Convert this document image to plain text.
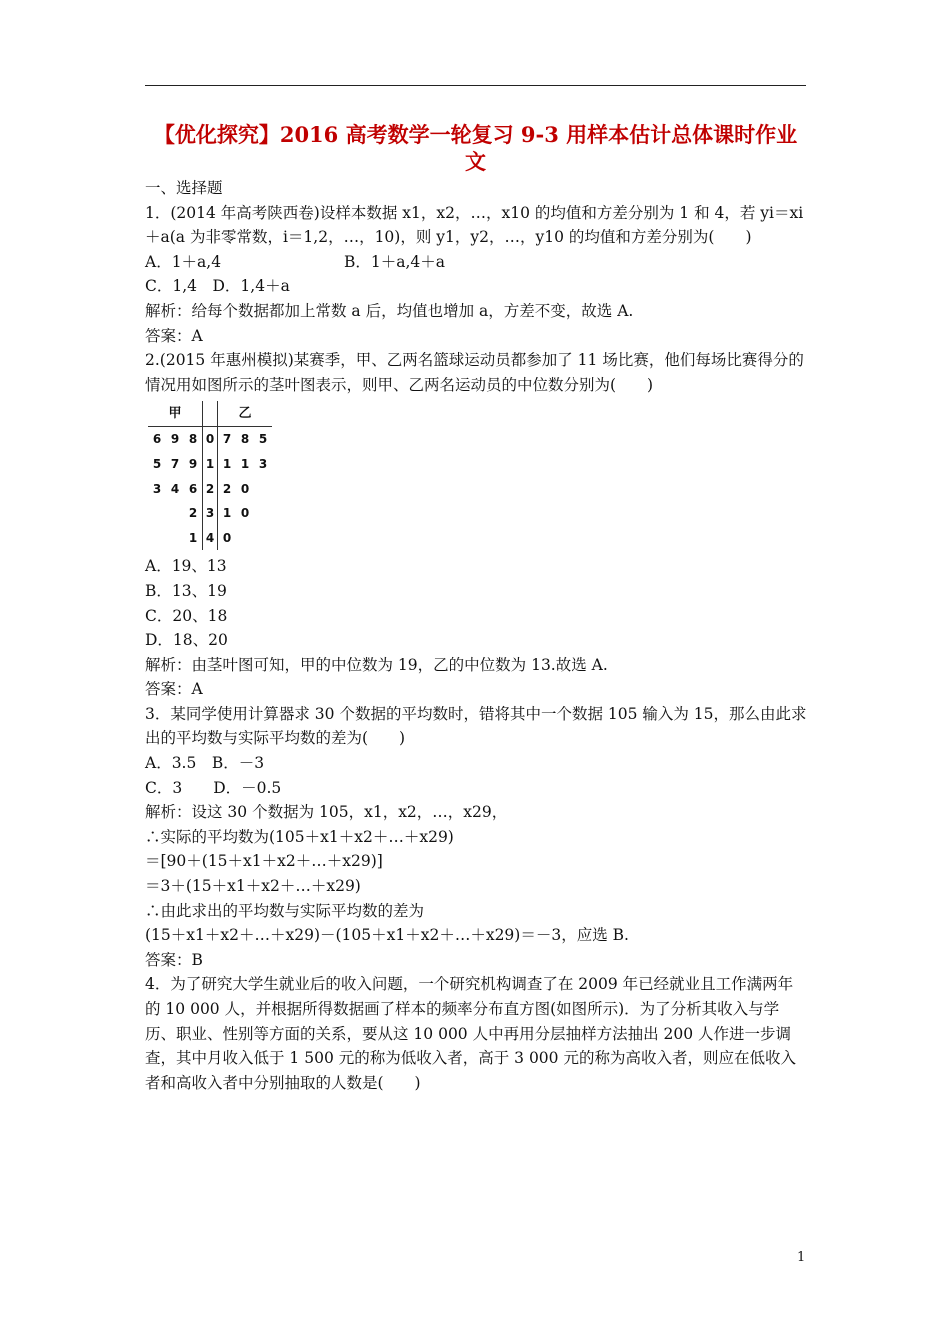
【优化探究】2016 高考数学一轮复习 9-3 用样本估计总体课时作业
文

一、选择题

1．(2014 年高考陕西卷)设样本数据 x1，x2，…，x10 的均值和方差分别为 1 和 4，若 yi＝xi＋a(a 为非零常数，i＝1,2，…，10)，则 y1，y2，…，y10 的均值和方差分别为(　　)

A．1＋a,4	B．1＋a,4＋a

C．1,4　D．1,4＋a

解析：给每个数据都加上常数 a 后，均值也增加 a，方差不变，故选 A.

答案：A

2.(2015 年惠州模拟)某赛季，甲、乙两名篮球运动员都参加了 11 场比赛，他们每场比赛得分的情况用如图所示的茎叶图表示，则甲、乙两名运动员的中位数分别为(　　)

甲				乙		
6	9	8	0	7	8	5
5	7	9	1	1	1	3
3	4	6	2	2	0	
		2	3	1	0	
		1	4	0		

A．19、13

B．13、19

C．20、18

D．18、20

解析：由茎叶图可知，甲的中位数为 19，乙的中位数为 13.故选 A.

答案：A

3．某同学使用计算器求 30 个数据的平均数时，错将其中一个数据 105 输入为 15，那么由此求出的平均数与实际平均数的差为(　　)

A．3.5　B．－3

C．3　　D．－0.5

解析：设这 30 个数据为 105，x1，x2，…，x29，

∴实际的平均数为(105＋x1＋x2＋…＋x29)

＝[90＋(15＋x1＋x2＋…＋x29)]

＝3＋(15＋x1＋x2＋…＋x29)

∴由此求出的平均数与实际平均数的差为

(15＋x1＋x2＋…＋x29)－(105＋x1＋x2＋…＋x29)＝－3，应选 B.

答案：B

4．为了研究大学生就业后的收入问题，一个研究机构调查了在 2009 年已经就业且工作满两年的 10 000 人，并根据所得数据画了样本的频率分布直方图(如图所示)．为了分析其收入与学历、职业、性别等方面的关系，要从这 10 000 人中再用分层抽样方法抽出 200 人作进一步调查，其中月收入低于 1 500 元的称为低收入者，高于 3 000 元的称为高收入者，则应在低收入者和高收入者中分别抽取的人数是(　　)

1
